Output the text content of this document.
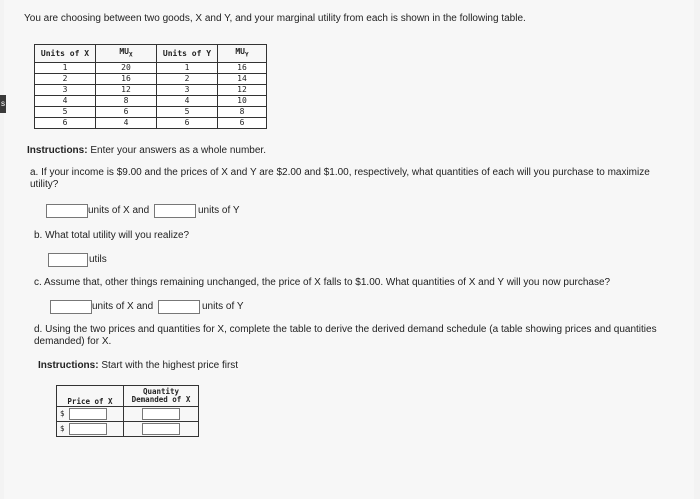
You are choosing between two goods, X and Y, and your marginal utility from each is shown in the following table.
Units of X	$MU_X$	Units of Y	$MU_Y$
1	20	1	16
2	16	2	14
3	12	3	12
4	8	4	10
5	6	5	8
6	4	6	6
Instructions: Enter your answers as a whole number.
a. If your income is $9.00 and the prices of X and Y are $2.00 and $1.00, respectively, what quantities of each will you purchase to maximize utility?
units of X and	units of Y
b. What total utility will you realize?
utils
c. Assume that, other things remaining unchanged, the price of X falls to $1.00. What quantities of X and Y will you now purchase?
units of X and	units of Y
d. Using the two prices and quantities for X, complete the table to derive the derived demand schedule (a table showing prices and quantities demanded) for X.
Instructions: Start with the highest price first
Price of X	Quantity
Demanded of X
$	
$	
s
